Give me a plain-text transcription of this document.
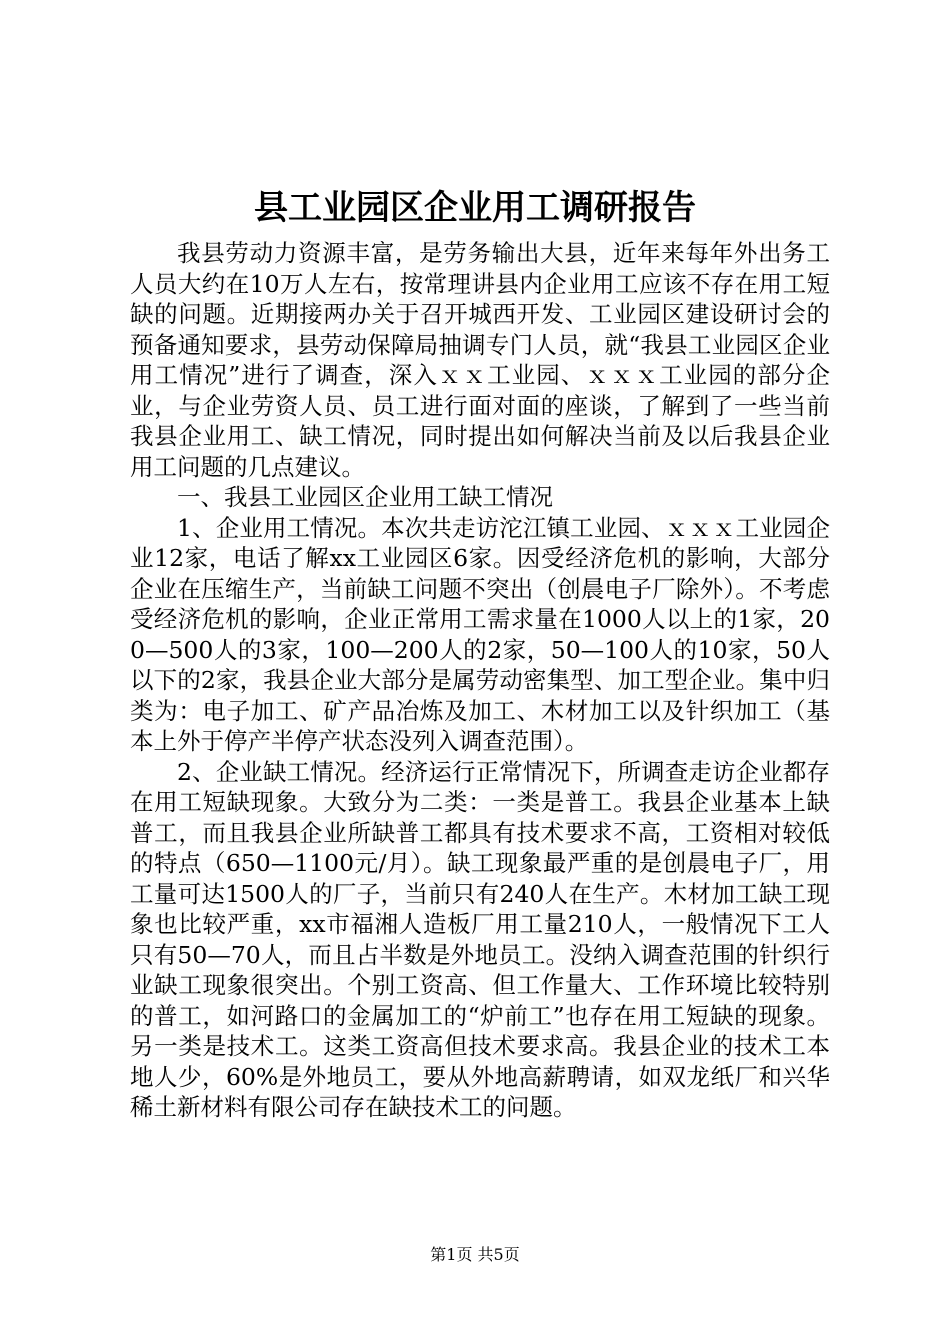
县工业园区企业用工调研报告

我县劳动力资源丰富，是劳务输出大县，近年来每年外出务工人员大约在10万人左右，按常理讲县内企业用工应该不存在用工短缺的问题。近期接两办关于召开城西开发、工业园区建设研讨会的预备通知要求，县劳动保障局抽调专门人员，就“我县工业园区企业用工情况”进行了调查，深入ｘｘ工业园、ｘｘｘ工业园的部分企业，与企业劳资人员、员工进行面对面的座谈，了解到了一些当前我县企业用工、缺工情况，同时提出如何解决当前及以后我县企业用工问题的几点建议。

一、我县工业园区企业用工缺工情况

1、企业用工情况。本次共走访沱江镇工业园、ｘｘｘ工业园企业12家，电话了解xx工业园区6家。因受经济危机的影响，大部分企业在压缩生产，当前缺工问题不突出（创晨电子厂除外）。不考虑受经济危机的影响，企业正常用工需求量在1000人以上的1家，200—500人的3家，100—200人的2家，50—100人的10家，50人以下的2家，我县企业大部分是属劳动密集型、加工型企业。集中归类为：电子加工、矿产品冶炼及加工、木材加工以及针织加工（基本上外于停产半停产状态没列入调查范围）。

2、企业缺工情况。经济运行正常情况下，所调查走访企业都存在用工短缺现象。大致分为二类：一类是普工。我县企业基本上缺普工，而且我县企业所缺普工都具有技术要求不高，工资相对较低的特点（650—1100元/月）。缺工现象最严重的是创晨电子厂，用工量可达1500人的厂子，当前只有240人在生产。木材加工缺工现象也比较严重，xx市福湘人造板厂用工量210人，一般情况下工人只有50—70人，而且占半数是外地员工。没纳入调查范围的针织行业缺工现象很突出。个别工资高、但工作量大、工作环境比较特别的普工，如河路口的金属加工的“炉前工”也存在用工短缺的现象。另一类是技术工。这类工资高但技术要求高。我县企业的技术工本地人少，60%是外地员工，要从外地高薪聘请，如双龙纸厂和兴华稀土新材料有限公司存在缺技术工的问题。

第1页 共5页
